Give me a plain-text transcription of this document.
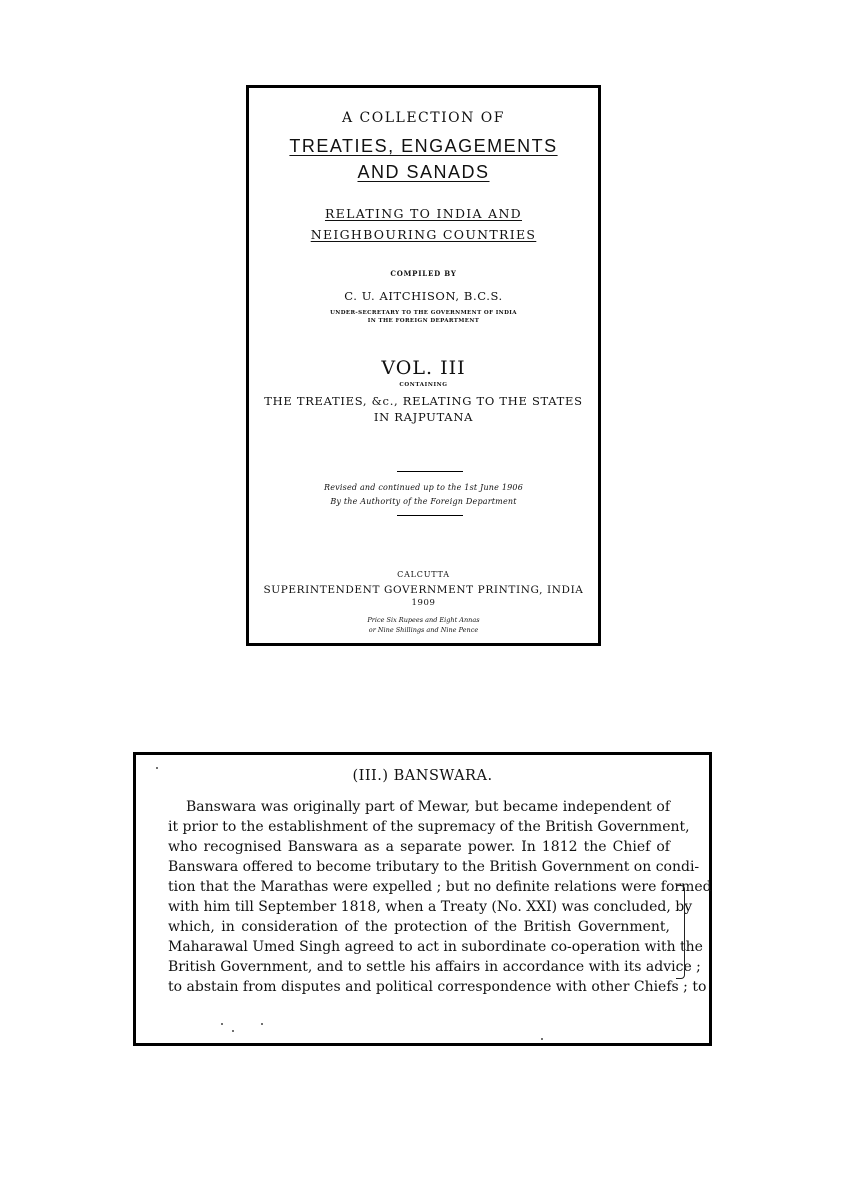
A COLLECTION OF
TREATIES, ENGAGEMENTS
AND SANADS
RELATING TO INDIA AND
NEIGHBOURING COUNTRIES
COMPILED BY
C. U. AITCHISON, B.C.S.
UNDER-SECRETARY TO THE GOVERNMENT OF INDIA
IN THE FOREIGN DEPARTMENT
VOL. III
CONTAINING
THE TREATIES, &c., RELATING TO THE STATES
IN RAJPUTANA
Revised and continued up to the 1st June 1906
By the Authority of the Foreign Department
CALCUTTA
SUPERINTENDENT GOVERNMENT PRINTING, INDIA
1909
Price Six Rupees and Eight Annas
or Nine Shillings and Nine Pence
(III.) BANSWARA.
Banswara was originally part of Mewar, but became independent of
it prior to the establishment of the supremacy of the British Government,
who recognised Banswara as a separate power. In 1812 the Chief of
Banswara offered to become tributary to the British Government on condi-
tion that the Marathas were expelled ; but no definite relations were formed
with him till September 1818, when a Treaty (No. XXI) was concluded, by
which, in consideration of the protection of the British Government,
Maharawal Umed Singh agreed to act in subordinate co-operation with the
British Government, and to settle his affairs in accordance with its advice ;
to abstain from disputes and political correspondence with other Chiefs ; to
